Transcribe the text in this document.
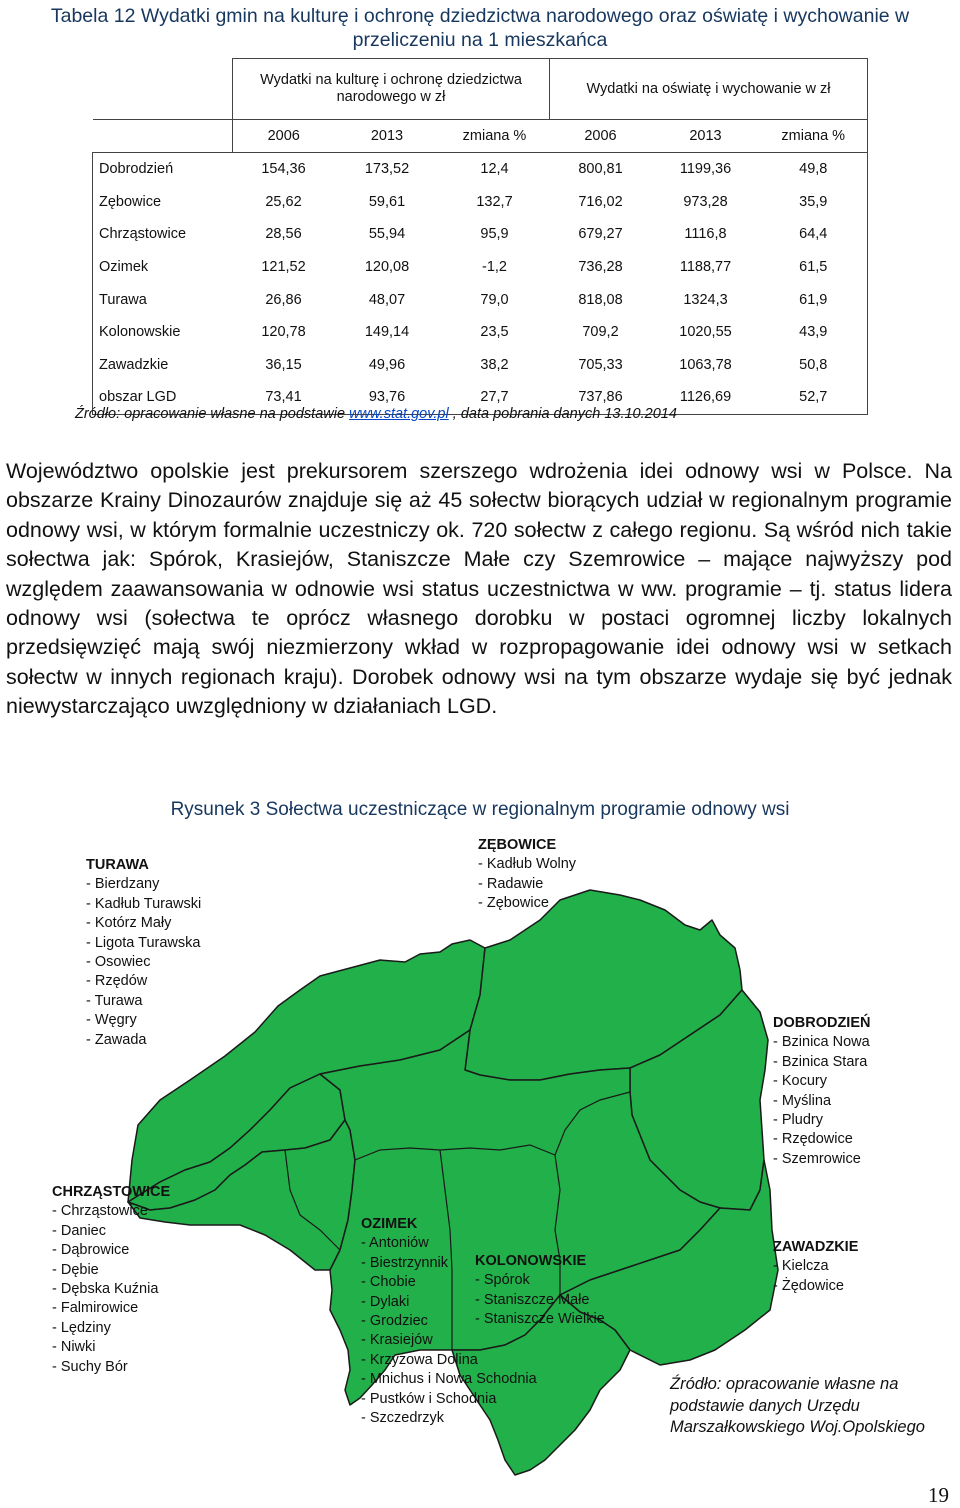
Tabela 12 Wydatki gmin na kulturę i ochronę dziedzictwa narodowego oraz oświatę i wychowanie w przeliczeniu na 1 mieszkańca
	Wydatki na kulturę i ochronę dziedzictwa narodowego w zł			Wydatki na oświatę i wychowanie w zł		
	2006	2013	zmiana %	2006	2013	zmiana %
Dobrodzień	154,36	173,52	12,4	800,81	1199,36	49,8
Zębowice	25,62	59,61	132,7	716,02	973,28	35,9
Chrząstowice	28,56	55,94	95,9	679,27	1116,8	64,4
Ozimek	121,52	120,08	-1,2	736,28	1188,77	61,5
Turawa	26,86	48,07	79,0	818,08	1324,3	61,9
Kolonowskie	120,78	149,14	23,5	709,2	1020,55	43,9
Zawadzkie	36,15	49,96	38,2	705,33	1063,78	50,8
obszar LGD	73,41	93,76	27,7	737,86	1126,69	52,7
Źródło: opracowanie własne na podstawie www.stat.gov.pl , data pobrania danych 13.10.2014

Województwo opolskie jest prekursorem szerszego wdrożenia idei odnowy wsi w Polsce. Na obszarze Krainy Dinozaurów znajduje się aż 45 sołectw biorących udział w regionalnym programie odnowy wsi, w którym formalnie uczestniczy ok. 720 sołectw z całego regionu. Są wśród nich takie sołectwa jak: Spórok, Krasiejów, Staniszcze Małe czy Szemrowice – mające najwyższy pod względem zaawansowania w odnowie wsi status uczestnictwa w ww. programie – tj. status lidera odnowy wsi (sołectwa te oprócz własnego dorobku w postaci ogromnej liczby lokalnych przedsięwzięć mają swój niezmierzony wkład w rozpropagowanie idei odnowy wsi w setkach sołectw w innych regionach kraju). Dorobek odnowy wsi na tym obszarze wydaje się być jednak niewystarczająco uwzględniony w działaniach LGD.

Rysunek 3 Sołectwa uczestniczące w regionalnym programie odnowy wsi
TURAWA
- Bierdzany
- Kadłub Turawski
- Kotórz Mały
- Ligota Turawska
- Osowiec
- Rzędów
- Turawa
- Węgry
- Zawada
ZĘBOWICE
- Kadłub Wolny
- Radawie
- Zębowice
DOBRODZIEŃ
- Bzinica Nowa
- Bzinica Stara
- Kocury
- Myślina
- Pludry
- Rzędowice
- Szemrowice
CHRZĄSTOWICE
- Chrząstowice
- Daniec
- Dąbrowice
- Dębie
- Dębska Kuźnia
- Falmirowice
- Lędziny
- Niwki
- Suchy Bór
OZIMEK
- Antoniów
- Biestrzynnik
- Chobie
- Dylaki
- Grodziec
- Krasiejów
- Krzyżowa Dolina
- Mnichus i Nowa Schodnia
- Pustków i Schodnia
- Szczedrzyk
KOLONOWSKIE
- Spórok
- Staniszcze Małe
- Staniszcze Wielkie
ZAWADZKIE
- Kielcza
- Żędowice
Źródło: opracowanie własne na
podstawie danych Urzędu
Marszałkowskiego Woj.Opolskiego
19
